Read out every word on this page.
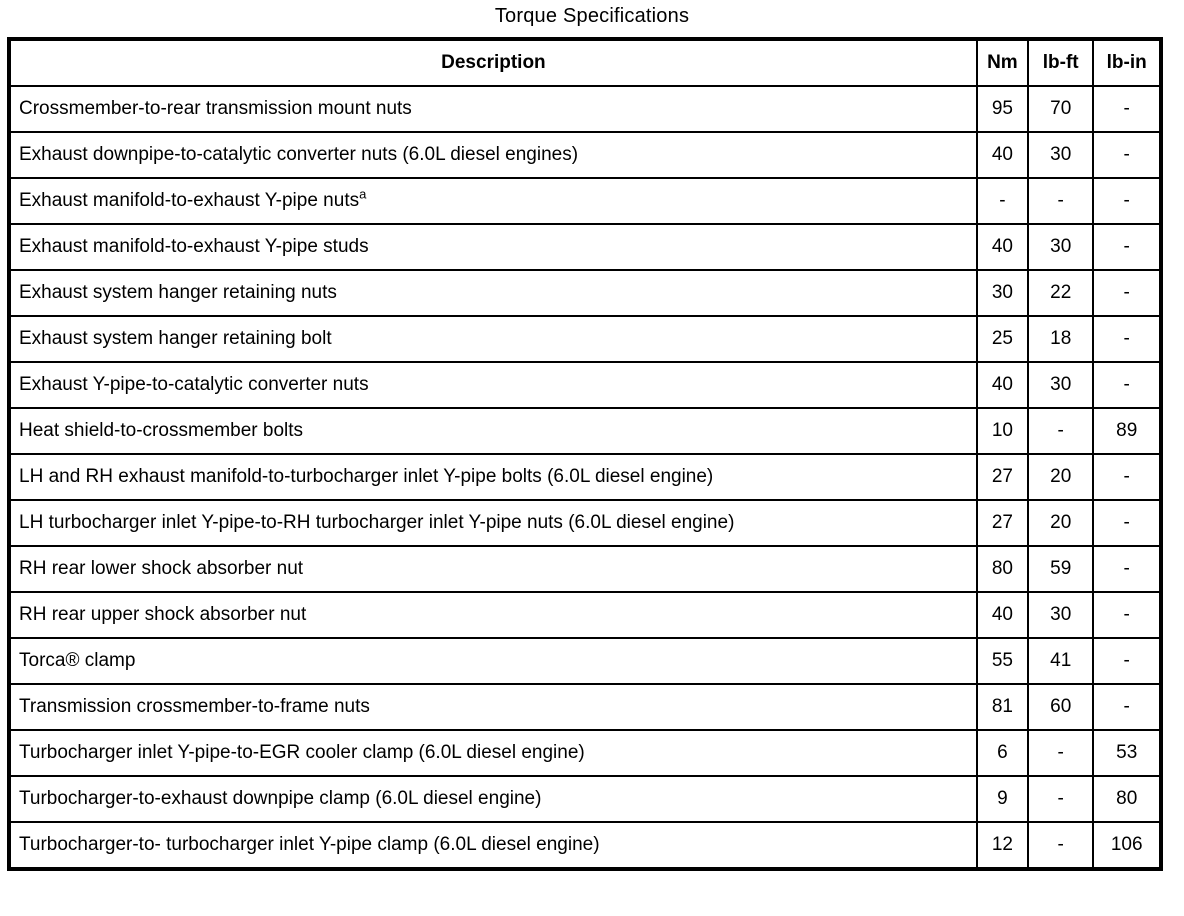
Torque Specifications
Description	Nm	lb-ft	lb-in
Crossmember-to-rear transmission mount nuts	95	70	-
Exhaust downpipe-to-catalytic converter nuts (6.0L diesel engines)	40	30	-
Exhaust manifold-to-exhaust Y-pipe nuts$^a$	-	-	-
Exhaust manifold-to-exhaust Y-pipe studs	40	30	-
Exhaust system hanger retaining nuts	30	22	-
Exhaust system hanger retaining bolt	25	18	-
Exhaust Y-pipe-to-catalytic converter nuts	40	30	-
Heat shield-to-crossmember bolts	10	-	89
LH and RH exhaust manifold-to-turbocharger inlet Y-pipe bolts (6.0L diesel engine)	27	20	-
LH turbocharger inlet Y-pipe-to-RH turbocharger inlet Y-pipe nuts (6.0L diesel engine)	27	20	-
RH rear lower shock absorber nut	80	59	-
RH rear upper shock absorber nut	40	30	-
Torca® clamp	55	41	-
Transmission crossmember-to-frame nuts	81	60	-
Turbocharger inlet Y-pipe-to-EGR cooler clamp (6.0L diesel engine)	6	-	53
Turbocharger-to-exhaust downpipe clamp (6.0L diesel engine)	9	-	80
Turbocharger-to- turbocharger inlet Y-pipe clamp (6.0L diesel engine)	12	-	106
